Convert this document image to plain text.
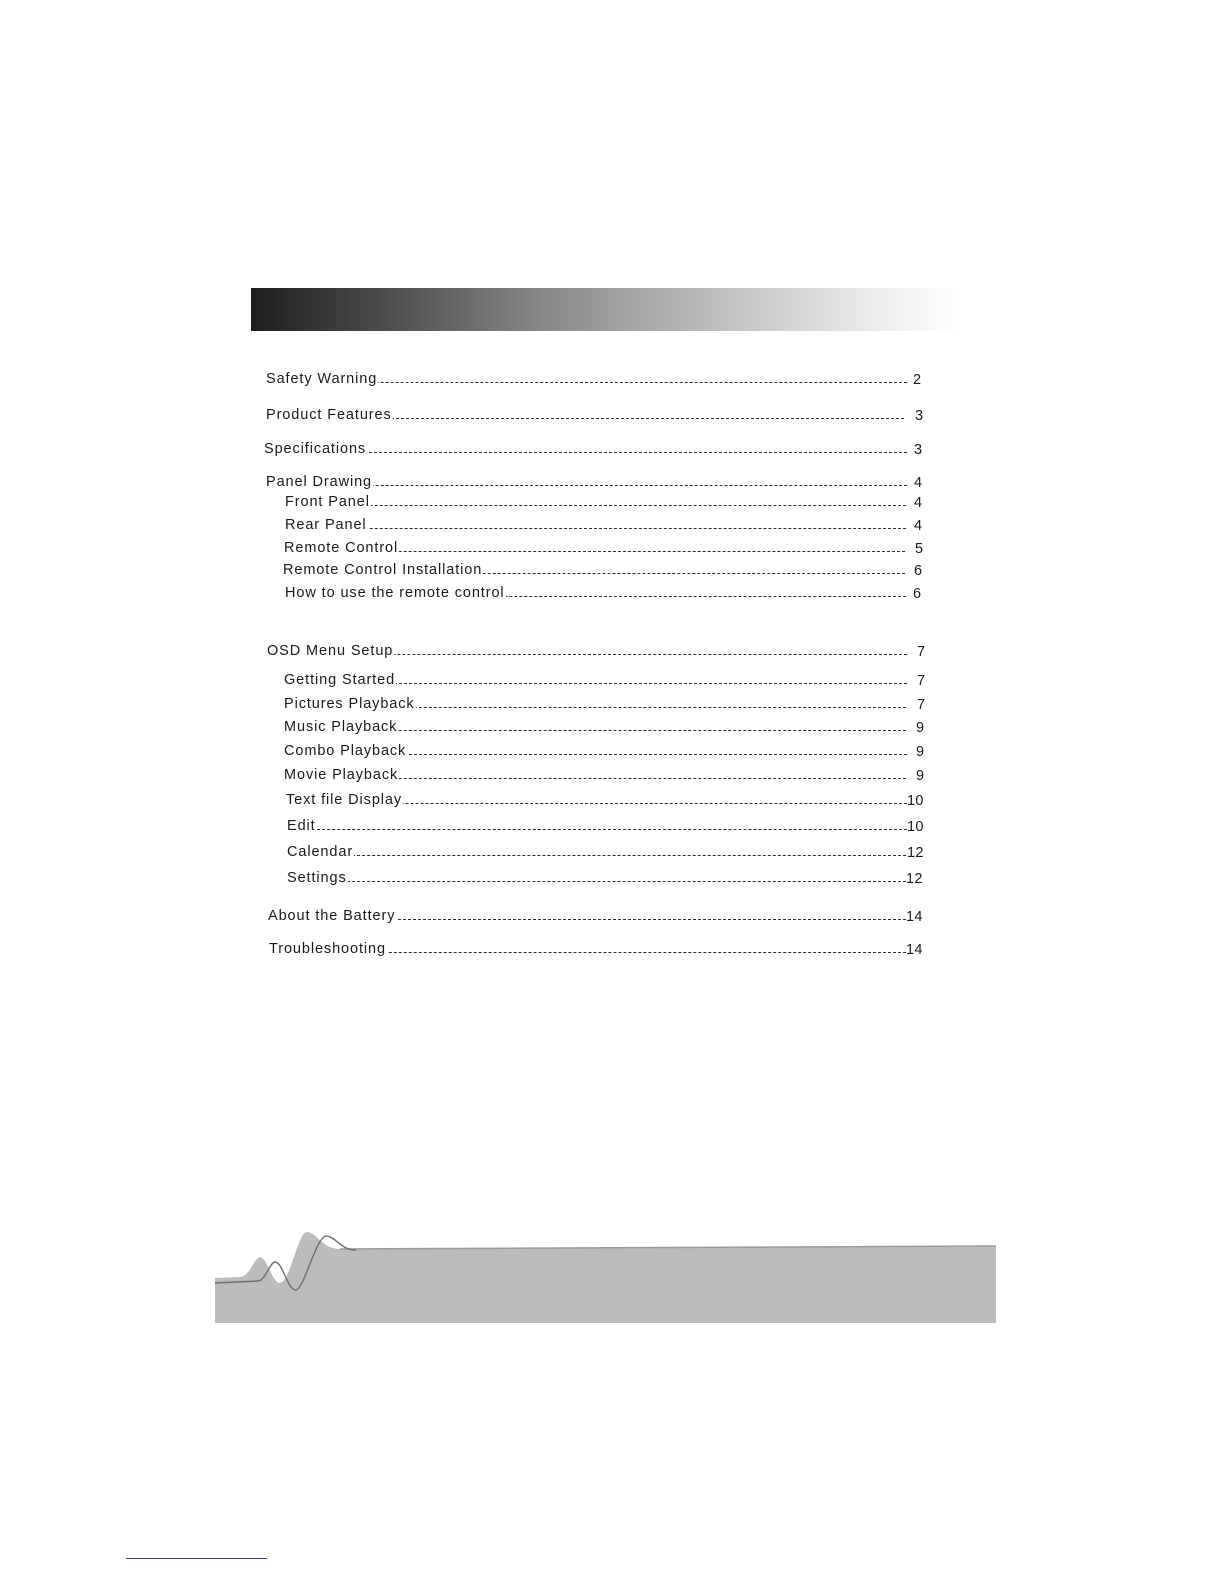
Safety Warning	2
Product Features	3
Specifications	3
Panel Drawing	4
Front Panel	4
Rear Panel	4
Remote Control	5
Remote Control Installation	6
How to use the remote control	6
OSD Menu Setup	7
Getting Started	7
Pictures Playback	7
Music Playback	9
Combo Playback	9
Movie Playback	9
Text file Display	10
Edit	10
Calendar	12
Settings	12
About the Battery	14
Troubleshooting	14
